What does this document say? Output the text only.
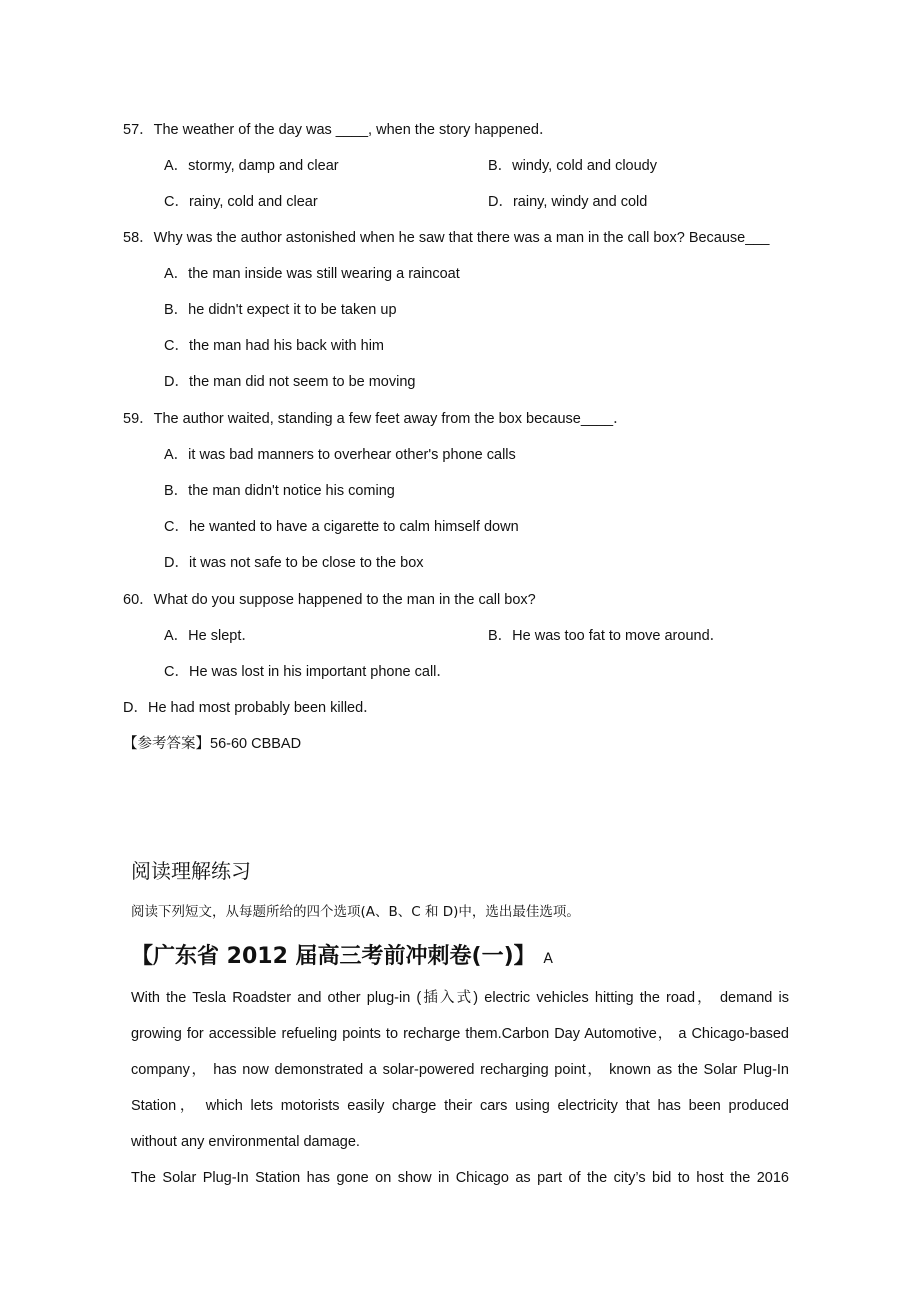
57．The weather of the day was ____, when the story happened．
A．stormy, damp and clear	B．windy, cold and cloudy
C．rainy, cold and clear	D．rainy, windy and cold
58．Why was the author astonished when he saw that there was a man in the call box? Because___
A．the man inside was still wearing a raincoat
B．he didn't expect it to be taken up
C．the man had his back with him
D．the man did not seem to be moving
59．The author waited, standing a few feet away from the box because____．
A．it was bad manners to overhear other's phone calls
B．the man didn't notice his coming
C．he wanted to have a cigarette to calm himself down
D．it was not safe to be close to the box
60．What do you suppose happened to the man in the call box?
A．He slept．	B．He was too fat to move around．
C．He was lost in his important phone call．
D．He had most probably been killed．
【参考答案】56-60 CBBAD
阅读理解练习
阅读下列短文，从每题所给的四个选项(A、B、C 和 D)中，选出最佳选项。
【广东省 2012 届高三考前冲刺卷(一)】 A
With the Tesla Roadster and other plug-in (插入式) electric vehicles hitting the road， demand is
growing for accessible refueling points to recharge them.Carbon Day Automotive， a Chicago-based
company， has now demonstrated a solar-powered recharging point， known as the Solar Plug-In
Station， which lets motorists easily charge their cars using electricity that has been produced
without any environmental damage.
The Solar Plug-In Station has gone on show in Chicago as part of the city’s bid to host the 2016
